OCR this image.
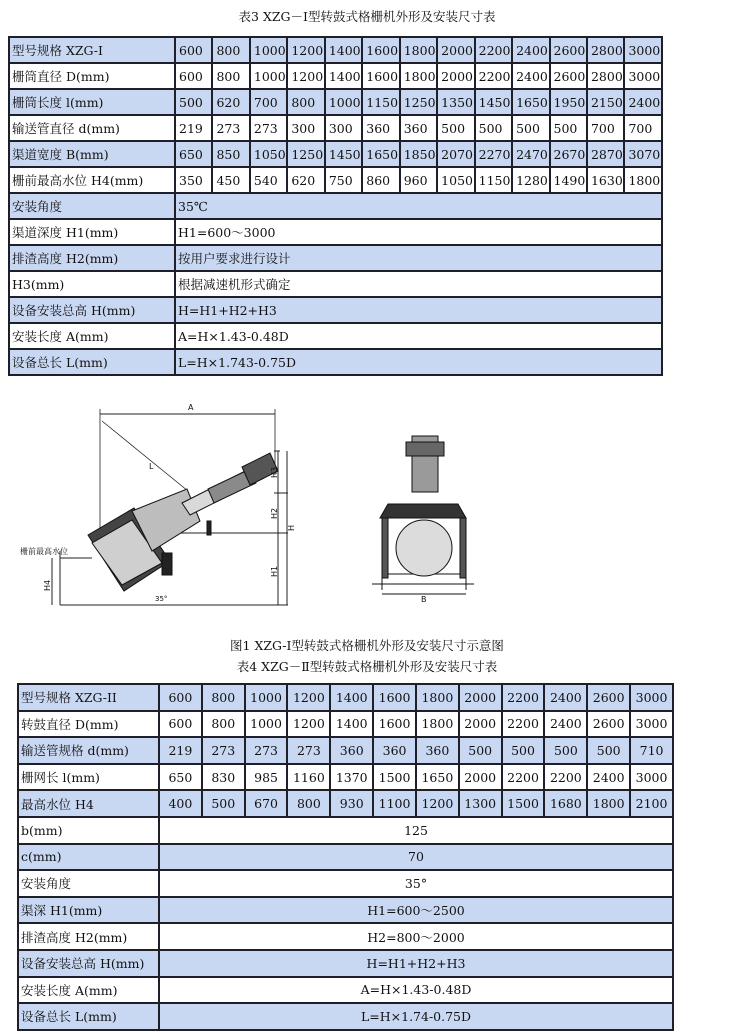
表3 XZG－Ⅰ型转鼓式格栅机外形及安装尺寸表
型号规格 XZG-I	600	800	1000	1200	1400	1600	1800	2000	2200	2400	2600	2800	3000
栅筒直径 D(mm)	600	800	1000	1200	1400	1600	1800	2000	2200	2400	2600	2800	3000
栅筒长度 l(mm)	500	620	700	800	1000	1150	1250	1350	1450	1650	1950	2150	2400
输送管直径 d(mm)	219	273	273	300	300	360	360	500	500	500	500	700	700
渠道宽度 B(mm)	650	850	1050	1250	1450	1650	1850	2070	2270	2470	2670	2870	3070
栅前最高水位 H4(mm)	350	450	540	620	750	860	960	1050	1150	1280	1490	1630	1800
安装角度	35℃												
渠道深度 H1(mm)	H1=600～3000												
排渣高度 H2(mm)	按用户要求进行设计												
H3(mm)	根据减速机形式确定												
设备安装总高 H(mm)	H=H1+H2+H3												
安装长度 A(mm)	A=H×1.43-0.48D												
设备总长 L(mm)	L=H×1.743-0.75D												
A
L
H3
H2
H
H1
H4
35°
栅前最高水位
B
图1 XZG-Ⅰ型转鼓式格栅机外形及安装尺寸示意图
表4 XZG－Ⅱ型转鼓式格栅机外形及安装尺寸表
型号规格 XZG-II	600	800	1000	1200	1400	1600	1800	2000	2200	2400	2600	3000
转鼓直径 D(mm)	600	800	1000	1200	1400	1600	1800	2000	2200	2400	2600	3000
输送管规格 d(mm)	219	273	273	273	360	360	360	500	500	500	500	710
栅网长 l(mm)	650	830	985	1160	1370	1500	1650	2000	2200	2200	2400	3000
最高水位 H4	400	500	670	800	930	1100	1200	1300	1500	1680	1800	2100
b(mm)	125											
c(mm)	70											
安装角度	35°											
渠深 H1(mm)	H1=600～2500											
排渣高度 H2(mm)	H2=800～2000											
设备安装总高 H(mm)	H=H1+H2+H3											
安装长度 A(mm)	A=H×1.43-0.48D											
设备总长 L(mm)	L=H×1.74-0.75D											
